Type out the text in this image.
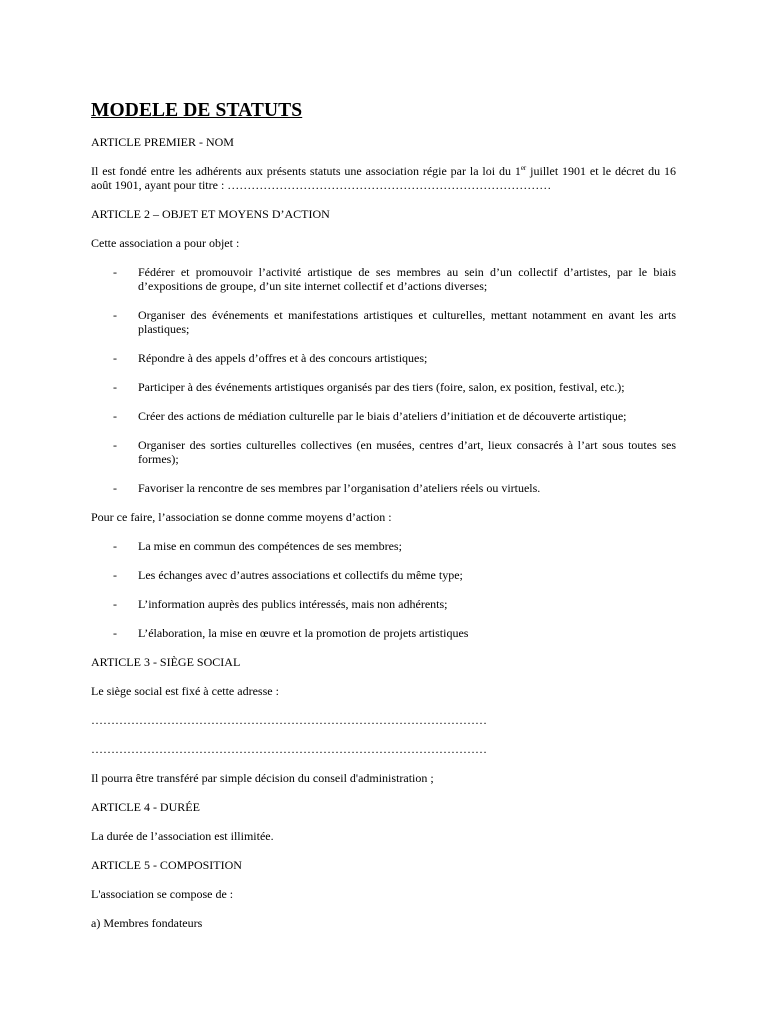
MODELE DE STATUTS
ARTICLE PREMIER - NOM
Il est fondé entre les adhérents aux présents statuts une association régie par la loi du 1er juillet 1901 et le décret du 16 août 1901, ayant pour titre : ………………………………………………………………………
ARTICLE 2 – OBJET ET MOYENS D’ACTION
Cette association a pour objet :
- Fédérer et promouvoir l’activité artistique de ses membres au sein d’un collectif d’artistes, par le biais d’expositions de groupe, d’un site internet collectif et d’actions diverses;
- Organiser des événements et manifestations artistiques et culturelles, mettant notamment en avant les arts plastiques;
- Répondre à des appels d’offres et à des concours artistiques;
- Participer à des événements artistiques organisés par des tiers (foire, salon, ex position, festival, etc.);
- Créer des actions de médiation culturelle par le biais d’ateliers d’initiation et de découverte artistique;
- Organiser des sorties culturelles collectives (en musées, centres d’art, lieux consacrés à l’art sous toutes ses formes);
- Favoriser la rencontre de ses membres par l’organisation d’ateliers réels ou virtuels.
Pour ce faire, l’association se donne comme moyens d’action :
- La mise en commun des compétences de ses membres;
- Les échanges avec d’autres associations et collectifs du même type;
- L’information auprès des publics intéressés, mais non adhérents;
- L’élaboration, la mise en œuvre et la promotion de projets artistiques
ARTICLE 3 - SIÈGE SOCIAL
Le siège social est fixé à cette adresse :
………………………………………………………………………………………
………………………………………………………………………………………
Il pourra être transféré par simple décision du conseil d'administration ;
ARTICLE 4 - DURÉE
La durée de l’association est illimitée.
ARTICLE 5 - COMPOSITION
L'association se compose de :
a) Membres fondateurs
